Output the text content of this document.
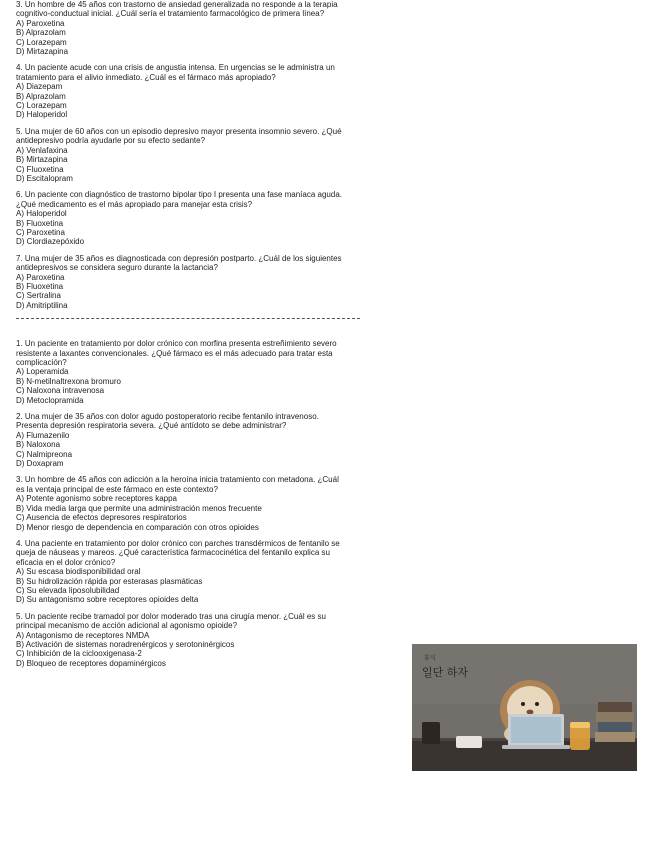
3. Un hombre de 45 años con trastorno de ansiedad generalizada no responde a la terapia cognitivo-conductual inicial. ¿Cuál sería el tratamiento farmacológico de primera línea?
A) Paroxetina
B) Alprazolam
C) Lorazepam
D) Mirtazapina
4. Un paciente acude con una crisis de angustia intensa. En urgencias se le administra un tratamiento para el alivio inmediato. ¿Cuál es el fármaco más apropiado?
A) Diazepam
B) Alprazolam
C) Lorazepam
D) Haloperidol
5. Una mujer de 60 años con un episodio depresivo mayor presenta insomnio severo. ¿Qué antidepresivo podría ayudarle por su efecto sedante?
A) Venlafaxina
B) Mirtazapina
C) Fluoxetina
D) Escitalopram
6. Un paciente con diagnóstico de trastorno bipolar tipo I presenta una fase maníaca aguda. ¿Qué medicamento es el más apropiado para manejar esta crisis?
A) Haloperidol
B) Fluoxetina
C) Paroxetina
D) Clordiazepóxido
7. Una mujer de 35 años es diagnosticada con depresión postparto. ¿Cuál de los siguientes antidepresivos se considera seguro durante la lactancia?
A) Paroxetina
B) Fluoxetina
C) Sertralina
D) Amitriptilina
1. Un paciente en tratamiento por dolor crónico con morfina presenta estreñimiento severo resistente a laxantes convencionales. ¿Qué fármaco es el más adecuado para tratar esta complicación?
A) Loperamida
B) N-metilnaltrexona bromuro
C) Naloxona intravenosa
D) Metoclopramida
2. Una mujer de 35 años con dolor agudo postoperatorio recibe fentanilo intravenoso. Presenta depresión respiratoria severa. ¿Qué antídoto se debe administrar?
A) Flumazenilo
B) Naloxona
C) Nalmipreona
D) Doxapram
3. Un hombre de 45 años con adicción a la heroína inicia tratamiento con metadona. ¿Cuál es la ventaja principal de este fármaco en este contexto?
A) Potente agonismo sobre receptores kappa
B) Vida media larga que permite una administración menos frecuente
C) Ausencia de efectos depresores respiratorios
D) Menor riesgo de dependencia en comparación con otros opioides
4. Una paciente en tratamiento por dolor crónico con parches transdérmicos de fentanilo se queja de náuseas y mareos. ¿Qué característica farmacocinética del fentanilo explica su eficacia en el dolor crónico?
A) Su escasa biodisponibilidad oral
B) Su hidrolización rápida por esterasas plasmáticas
C) Su elevada liposolubilidad
D) Su antagonismo sobre receptores opioides delta
5. Un paciente recibe tramadol por dolor moderado tras una cirugía menor. ¿Cuál es su principal mecanismo de acción adicional al agonismo opioide?
A) Antagonismo de receptores NMDA
B) Activación de sistemas noradrenérgicos y serotoninérgicos
C) Inhibición de la ciclooxigenasa-2
D) Bloqueo de receptores dopaminérgicos
휴식
일단 하자
